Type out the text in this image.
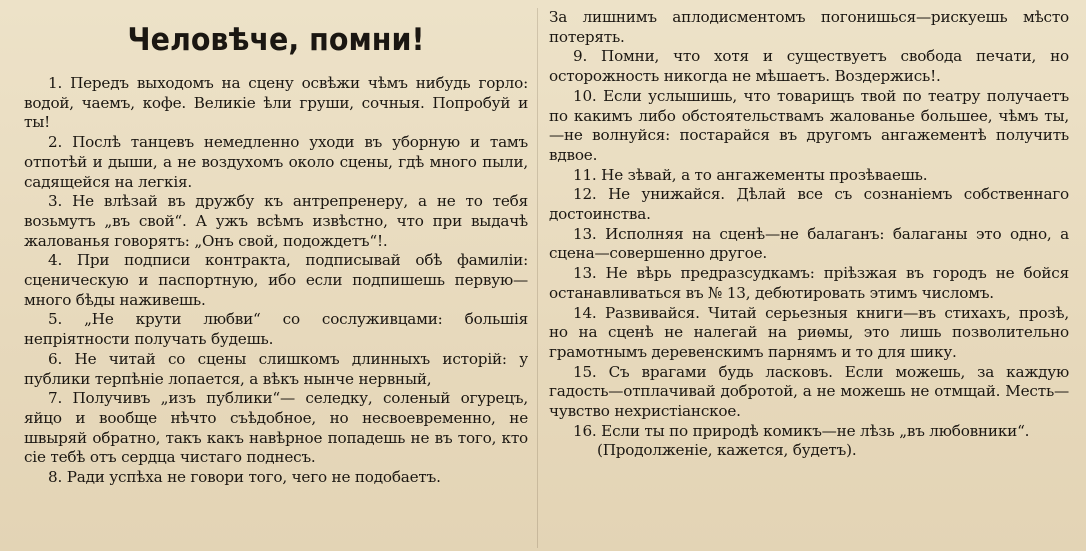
Человѣче, помни!

1. Передъ выходомъ на сцену освѣжи чѣмъ нибудь горло: водой, чаемъ, кофе. Великіе ѣли груши, сочныя. Попробуй и ты!

2. Послѣ танцевъ немедленно уходи въ уборную и тамъ отпотѣй и дыши, а не воздухомъ около сцены, гдѣ много пыли, садящейся на легкія.

3. Не влѣзай въ дружбу къ антрепренеру, а не то тебя возьмутъ „въ свой“. А ужъ всѣмъ извѣстно, что при выдачѣ жалованья говорятъ: „Онъ свой, подождетъ“!.

4. При подписи контракта, подписывай обѣ фамиліи: сценическую и паспортную, ибо если подпишешь первую—много бѣды наживешь.

5. „Не крути любви“ со сослуживцами: большія непріятности получать будешь.

6. Не читай со сцены слишкомъ длинныхъ исторій: у публики терпѣніе лопается, а вѣкъ нынче нервный,

7. Получивъ „изъ публики“— селедку, соленый огурецъ, яйцо и вообще нѣчто съѣдобное, но несвоевременно, не швыряй обратно, такъ какъ навѣрное попадешь не въ того, кто сіе тебѣ отъ сердца чистаго поднесъ.

8. Ради успѣха не говори того, чего не подобаетъ.

За лишнимъ аплодисментомъ погонишься—рискуешь мѣсто потерять.

9. Помни, что хотя и существуетъ свобода печати, но осторожность никогда не мѣшаетъ. Воздержись!.

10. Если услышишь, что товарищъ твой по театру получаетъ по какимъ либо обстоятельствамъ жалованье большее, чѣмъ ты,—не волнуйся: постарайся въ другомъ ангажементѣ получить вдвое.

11. Не зѣвай, а то ангажементы прозѣваешь.

12. Не унижайся. Дѣлай все съ сознаніемъ собственнаго достоинства.

13. Исполняя на сценѣ—не балаганъ: балаганы это одно, а сцена—совершенно другое.

13. Не вѣрь предразсудкамъ: пріѣзжая въ городъ не бойся останавливаться въ № 13, дебютировать этимъ числомъ.

14. Развивайся. Читай серьезныя книги—въ стихахъ, прозѣ, но на сценѣ не налегай на риѳмы, это лишь позволительно грамотнымъ деревенскимъ парнямъ и то для шику.

15. Съ врагами будь ласковъ. Если можешь, за каждую гадость—отплачивай добротой, а не можешь не отмщай. Месть—чувство нехристіанское.

16. Если ты по природѣ комикъ—не лѣзь „въ любовники“.

(Продолженіе, кажется, будетъ).
